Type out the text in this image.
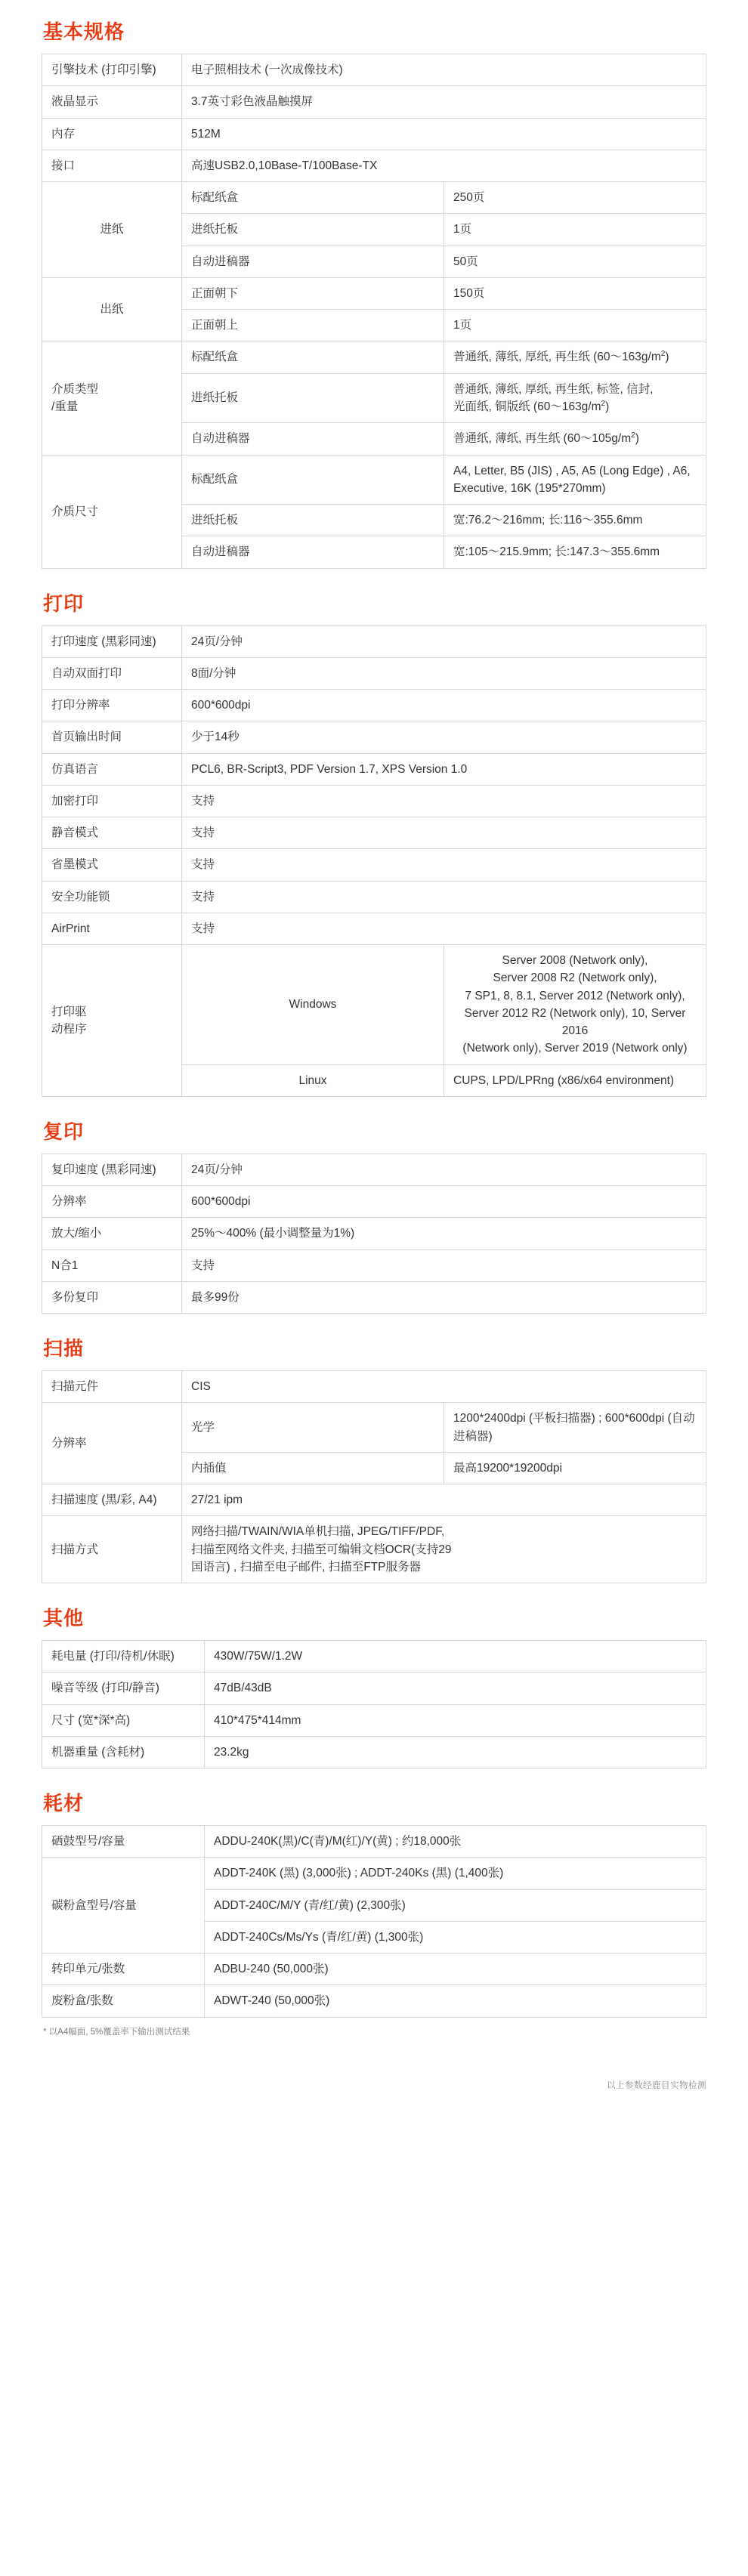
基本规格
引擎技术 (打印引擎)	电子照相技术 (一次成像技术)	
液晶显示	3.7英寸彩色液晶触摸屏	
内存	512M	
接口	高速USB2.0,10Base-T/100Base-TX	
进纸	标配纸盒	250页
	进纸托板	1页
	自动进稿器	50页
出纸	正面朝下	150页
	正面朝上	1页
介质类型
/重量	标配纸盒	普通纸, 薄纸, 厚纸, 再生纸 $(60\sim 163g/m^2)$
	进纸托板	普通纸, 薄纸, 厚纸, 再生纸, 标签, 信封,
光面纸, 铜版纸 $(60\sim 163g/m^2)$
	自动进稿器	普通纸, 薄纸, 再生纸 $(60\sim 105g/m^2)$
介质尺寸	标配纸盒	A4, Letter, B5 (JIS) , A5, A5 (Long Edge) , A6,
Executive, 16K (195*270mm)
	进纸托板	宽:76.2～216mm; 长:116～355.6mm
	自动进稿器	宽:105～215.9mm; 长:147.3～355.6mm
打印
打印速度 (黑彩同速)	24页/分钟	
自动双面打印	8面/分钟	
打印分辨率	600*600dpi	
首页输出时间	少于14秒	
仿真语言	PCL6, BR-Script3, PDF Version 1.7, XPS Version 1.0	
加密打印	支持	
静音模式	支持	
省墨模式	支持	
安全功能锁	支持	
AirPrint	支持	
打印驱
动程序	Windows	Server 2008 (Network only),
Server 2008 R2 (Network only),
7 SP1, 8, 8.1, Server 2012 (Network only),
Server 2012 R2 (Network only), 10, Server 2016
(Network only), Server 2019 (Network only)
	Linux	CUPS, LPD/LPRng (x86/x64 environment)
复印
复印速度 (黑彩同速)	24页/分钟
分辨率	600*600dpi
放大/缩小	25%～400% (最小调整量为1%)
N合1	支持
多份复印	最多99份
扫描
扫描元件	CIS	
分辨率	光学	1200*2400dpi (平板扫描器) ; 600*600dpi (自动进稿器)
	内插值	最高19200*19200dpi
扫描速度 (黑/彩, A4)	27/21 ipm	
扫描方式	网络扫描/TWAIN/WIA单机扫描, JPEG/TIFF/PDF,
扫描至网络文件夹, 扫描至可编辑文档OCR(支持29
国语言) , 扫描至电子邮件, 扫描至FTP服务器	
其他
耗电量 (打印/待机/休眠)	430W/75W/1.2W
噪音等级 (打印/静音)	47dB/43dB
尺寸 (宽*深*高)	410*475*414mm
机器重量 (含耗材)	23.2kg
耗材
硒鼓型号/容量	ADDU-240K(黑)/C(青)/M(红)/Y(黄) ; 约18,000张
碳粉盒型号/容量	ADDT-240K (黑) (3,000张) ; ADDT-240Ks (黑) (1,400张)
	ADDT-240C/M/Y (青/红/黄) (2,300张)
	ADDT-240Cs/Ms/Ys (青/红/黄) (1,300张)
转印单元/张数	ADBU-240 (50,000张)
废粉盒/张数	ADWT-240 (50,000张)
* 以A4幅面, 5%覆盖率下输出测试结果
以上参数经鹿目实物检测
